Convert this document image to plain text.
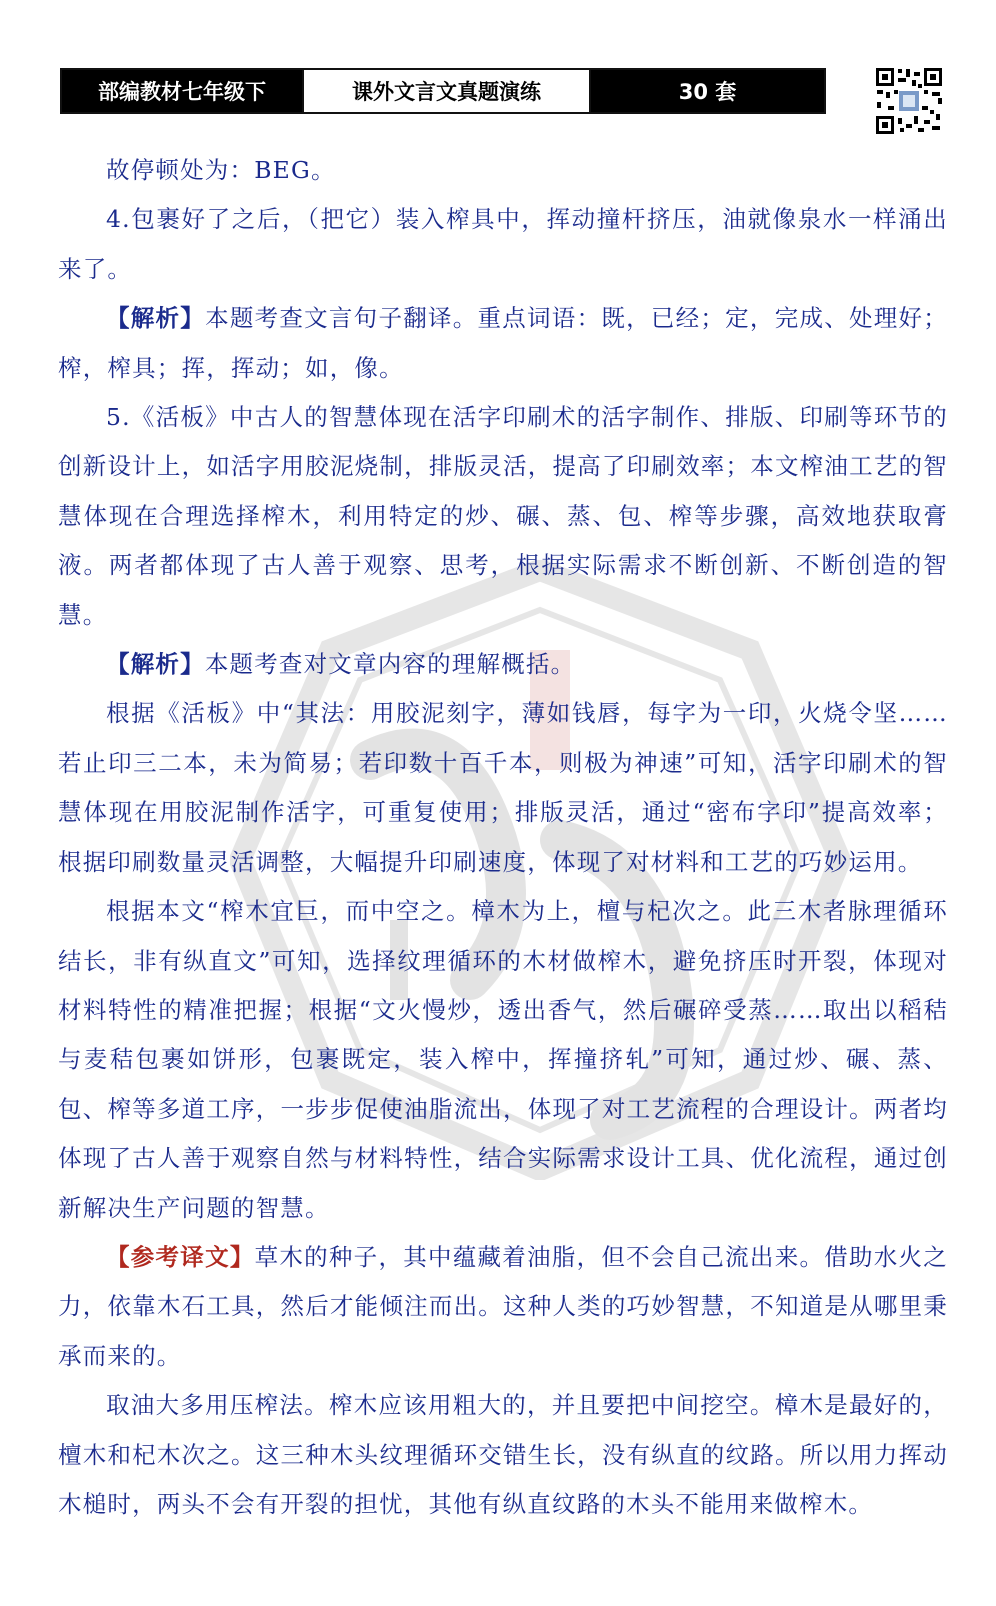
部编教材七年级下	课外文言文真题演练	30 套

故停顿处为：BEG。

4.包裹好了之后，（把它）装入榨具中，挥动撞杆挤压，油就像泉水一样涌出来了。

【解析】本题考查文言句子翻译。重点词语：既，已经；定，完成、处理好；榨，榨具；挥，挥动；如，像。

5.《活板》中古人的智慧体现在活字印刷术的活字制作、排版、印刷等环节的创新设计上，如活字用胶泥烧制，排版灵活，提高了印刷效率；本文榨油工艺的智慧体现在合理选择榨木，利用特定的炒、碾、蒸、包、榨等步骤，高效地获取膏液。两者都体现了古人善于观察、思考，根据实际需求不断创新、不断创造的智慧。

【解析】本题考查对文章内容的理解概括。

根据《活板》中“其法：用胶泥刻字，薄如钱唇，每字为一印，火烧令坚……若止印三二本，未为简易；若印数十百千本，则极为神速”可知，活字印刷术的智慧体现在用胶泥制作活字，可重复使用；排版灵活，通过“密布字印”提高效率；根据印刷数量灵活调整，大幅提升印刷速度，体现了对材料和工艺的巧妙运用。

根据本文“榨木宜巨，而中空之。樟木为上，檀与杞次之。此三木者脉理循环结长，非有纵直文”可知，选择纹理循环的木材做榨木，避免挤压时开裂，体现对材料特性的精准把握；根据“文火慢炒，透出香气，然后碾碎受蒸……取出以稻秸与麦秸包裹如饼形，包裹既定，装入榨中，挥撞挤轧”可知，通过炒、碾、蒸、包、榨等多道工序，一步步促使油脂流出，体现了对工艺流程的合理设计。两者均体现了古人善于观察自然与材料特性，结合实际需求设计工具、优化流程，通过创新解决生产问题的智慧。

【参考译文】草木的种子，其中蕴藏着油脂，但不会自己流出来。借助水火之力，依靠木石工具，然后才能倾注而出。这种人类的巧妙智慧，不知道是从哪里秉承而来的。

取油大多用压榨法。榨木应该用粗大的，并且要把中间挖空。樟木是最好的，檀木和杞木次之。这三种木头纹理循环交错生长，没有纵直的纹路。所以用力挥动木槌时，两头不会有开裂的担忧，其他有纵直纹路的木头不能用来做榨木。
